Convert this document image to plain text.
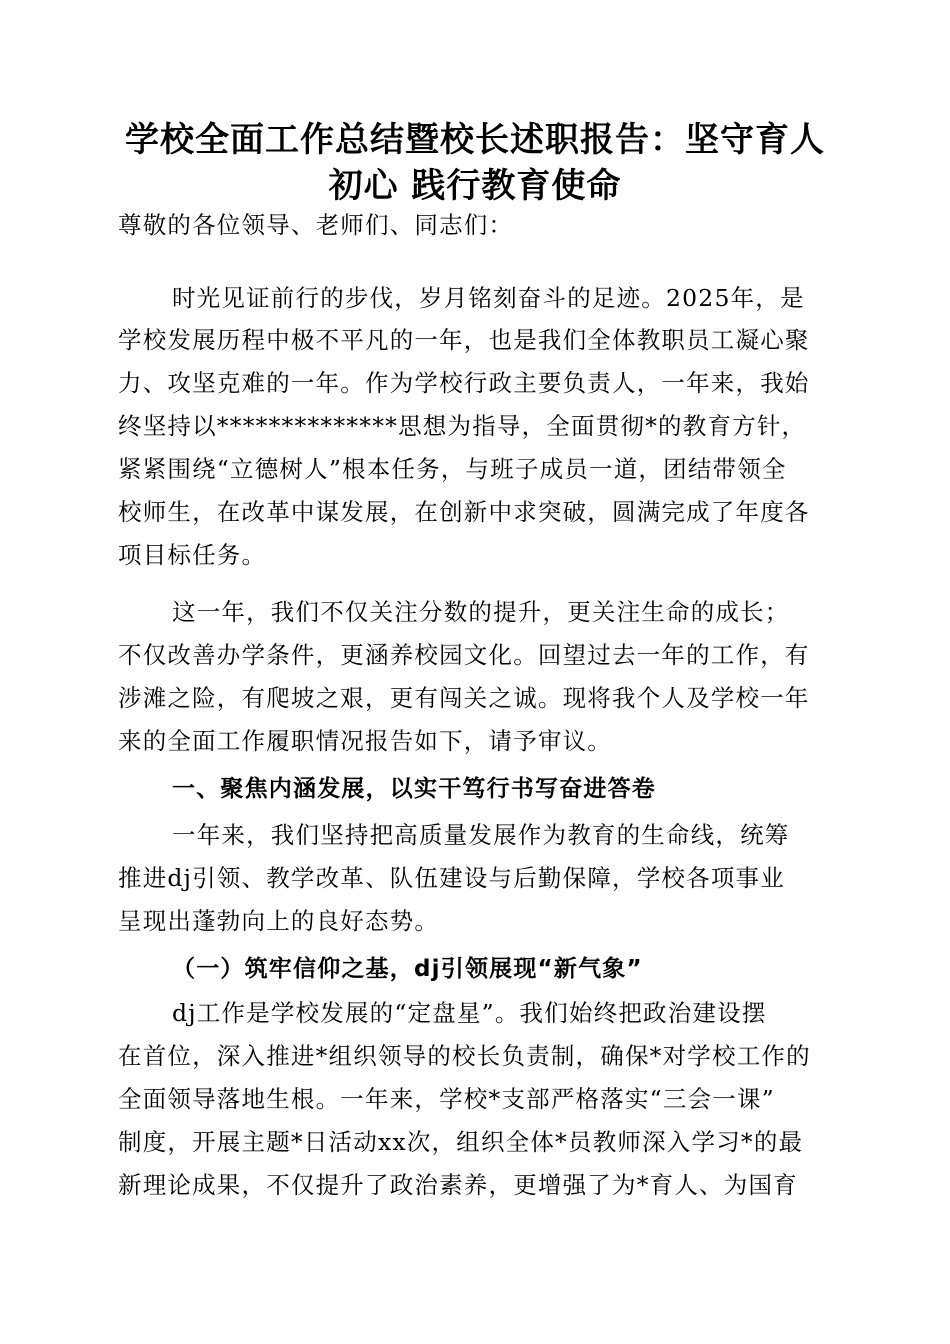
学校全面工作总结暨校长述职报告：坚守育人
初心 践行教育使命
尊敬的各位领导、老师们、同志们：
时光见证前行的步伐，岁月铭刻奋斗的足迹。2025年，是
学校发展历程中极不平凡的一年，也是我们全体教职员工凝心聚
力、攻坚克难的一年。作为学校行政主要负责人，一年来，我始
终坚持以**************思想为指导，全面贯彻*的教育方针，
紧紧围绕“立德树人”根本任务，与班子成员一道，团结带领全
校师生，在改革中谋发展，在创新中求突破，圆满完成了年度各
项目标任务。
这一年，我们不仅关注分数的提升，更关注生命的成长；
不仅改善办学条件，更涵养校园文化。回望过去一年的工作，有
涉滩之险，有爬坡之艰，更有闯关之诚。现将我个人及学校一年
来的全面工作履职情况报告如下，请予审议。
一、聚焦内涵发展，以实干笃行书写奋进答卷
一年来，我们坚持把高质量发展作为教育的生命线，统筹
推进dj引领、教学改革、队伍建设与后勤保障，学校各项事业
呈现出蓬勃向上的良好态势。
（一）筑牢信仰之基，dj引领展现“新气象”
dj工作是学校发展的“定盘星”。我们始终把政治建设摆
在首位，深入推进*组织领导的校长负责制，确保*对学校工作的
全面领导落地生根。一年来，学校*支部严格落实“三会一课”
制度，开展主题*日活动xx次，组织全体*员教师深入学习*的最
新理论成果，不仅提升了政治素养，更增强了为*育人、为国育
